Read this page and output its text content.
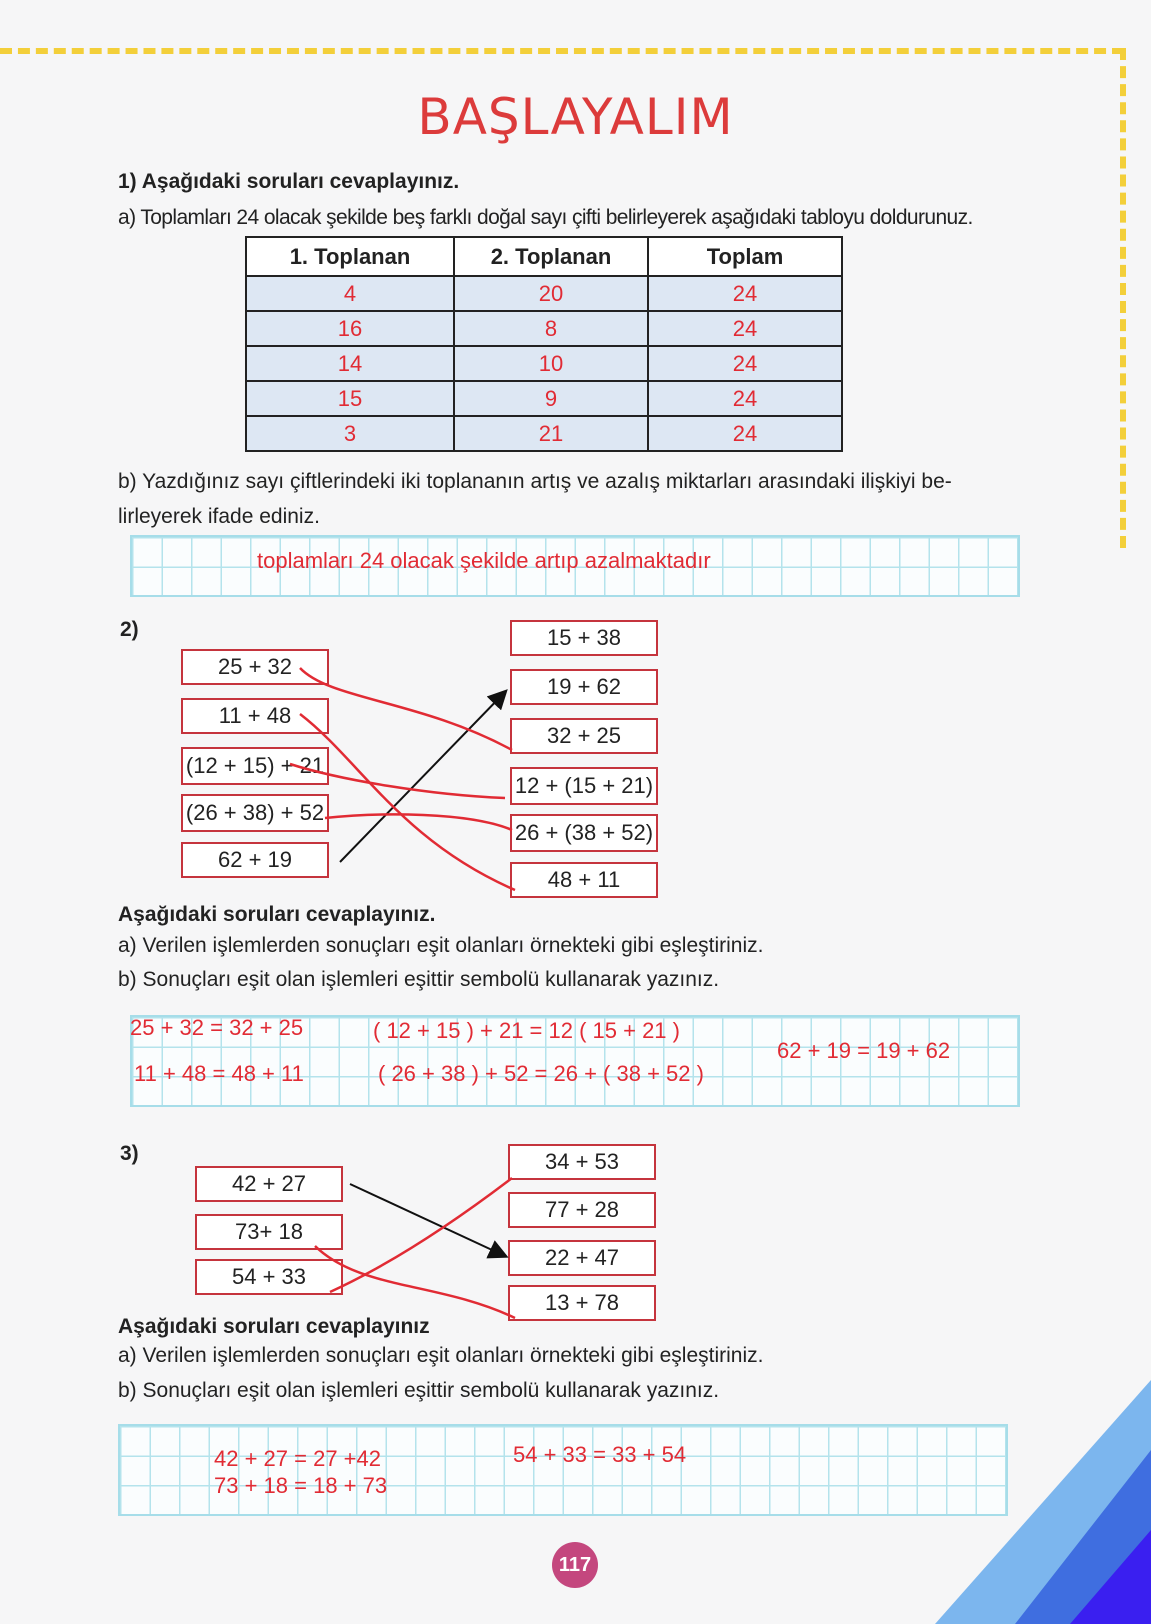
BAŞLAYALIM
1) Aşağıdaki soruları cevaplayınız.
a) Toplamları 24 olacak şekilde beş farklı doğal sayı çifti belirleyerek aşağıdaki tabloyu doldurunuz.
1. Toplanan	2. Toplanan	Toplam
4	20	24
16	8	24
14	10	24
15	9	24
3	21	24
b) Yazdığınız sayı çiftlerindeki iki toplananın artış ve azalış miktarları arasındaki ilişkiyi be-
lirleyerek ifade ediniz.
toplamları 24 olacak şekilde artıp azalmaktadır
2)
25 + 32
11 + 48
(12 + 15) + 21
(26 + 38) + 52
62 + 19
15 + 38
19 + 62
32 + 25
12 + (15 + 21)
26 + (38 + 52)
48 + 11
Aşağıdaki soruları cevaplayınız.
a) Verilen işlemlerden sonuçları eşit olanları örnekteki gibi eşleştiriniz.
b) Sonuçları eşit olan işlemleri eşittir sembolü kullanarak yazınız.
25 + 32 = 32 + 25
11 + 48 = 48 + 11
( 12 + 15 ) + 21 = 12 ( 15 + 21 )
( 26 + 38 ) + 52 = 26 + ( 38 + 52 )
62 + 19 = 19 + 62
3)
42 + 27
73+ 18
54 + 33
34 + 53
77 + 28
22 + 47
13 + 78
Aşağıdaki soruları cevaplayınız
a) Verilen işlemlerden sonuçları eşit olanları örnekteki gibi eşleştiriniz.
b) Sonuçları eşit olan işlemleri eşittir sembolü kullanarak yazınız.
42 + 27 = 27 +42
73 + 18 = 18 + 73
54 + 33 = 33 + 54
117
